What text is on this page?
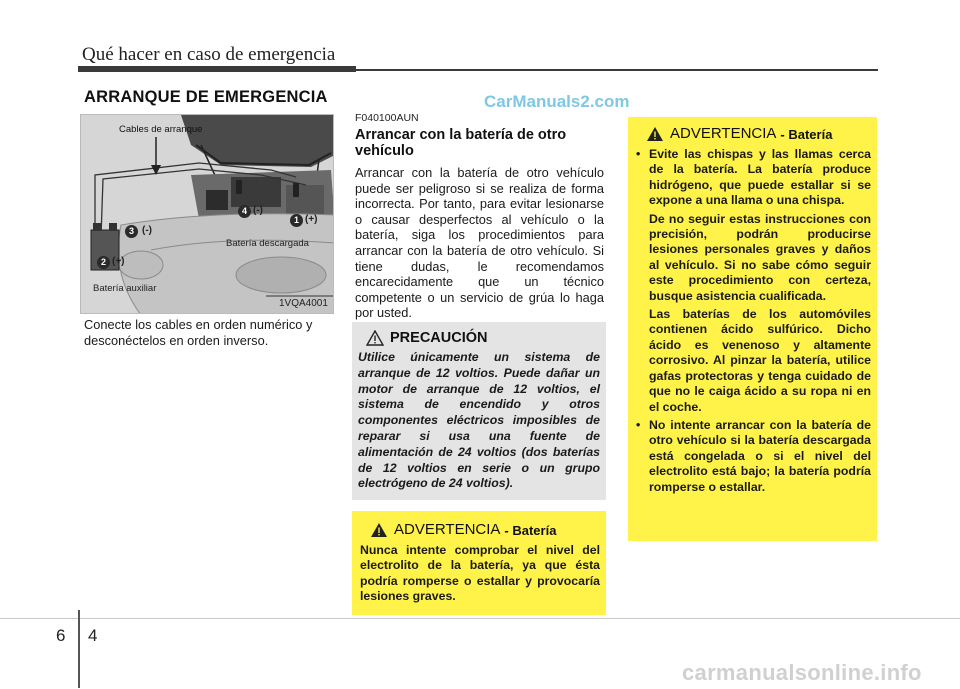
Qué hacer en caso de emergencia
ARRANQUE DE EMERGENCIA	CarManuals2.com
Cables de arranque
Batería descargada
Batería auxiliar
1VQA4001
1 (+)
2 (+)
3 (-)
4 (-)
Conecte los cables en orden numérico y desconéctelos en orden inverso.
F040100AUN
Arrancar con la batería de otro vehículo
Arrancar con la batería de otro vehículo puede ser peligroso si se realiza de forma incorrecta. Por tanto, para evitar lesionarse o causar desperfectos al vehículo o la batería, siga los procedimientos para arrancar con la batería de otro vehículo. Si tiene dudas, le recomendamos encarecidamente que un técnico competente o un servicio de grúa lo haga por usted.
PRECAUCIÓN
Utilice únicamente un sistema de arranque de 12 voltios. Puede dañar un motor de arranque de 12 voltios, el sistema de encendido y otros componentes eléctricos imposibles de reparar si usa una fuente de alimentación de 24 voltios (dos baterías de 12 voltios en serie o un grupo electrógeno de 24 voltios).
ADVERTENCIA - Batería
Nunca intente comprobar el nivel del electrolito de la batería, ya que ésta podría romperse o estallar y provocaría lesiones graves.
ADVERTENCIA - Batería

• Evite las chispas y las llamas cerca de la batería. La batería produce hidrógeno, que puede estallar si se expone a una llama o una chispa.

De no seguir estas instrucciones con precisión, podrán producirse lesiones personales graves y daños al vehículo. Si no sabe cómo seguir este procedimiento con certeza, busque asistencia cualificada.

Las baterías de los automóviles contienen ácido sulfúrico. Dicho ácido es venenoso y altamente corrosivo. Al pinzar la batería, utilice gafas protectoras y tenga cuidado de que no le caiga ácido a su ropa ni en el coche.

• No intente arrancar con la batería de otro vehículo si la batería descargada está congelada o si el nivel del electrolito está bajo; la batería podría romperse o estallar.

6 4
carmanualsonline.info
